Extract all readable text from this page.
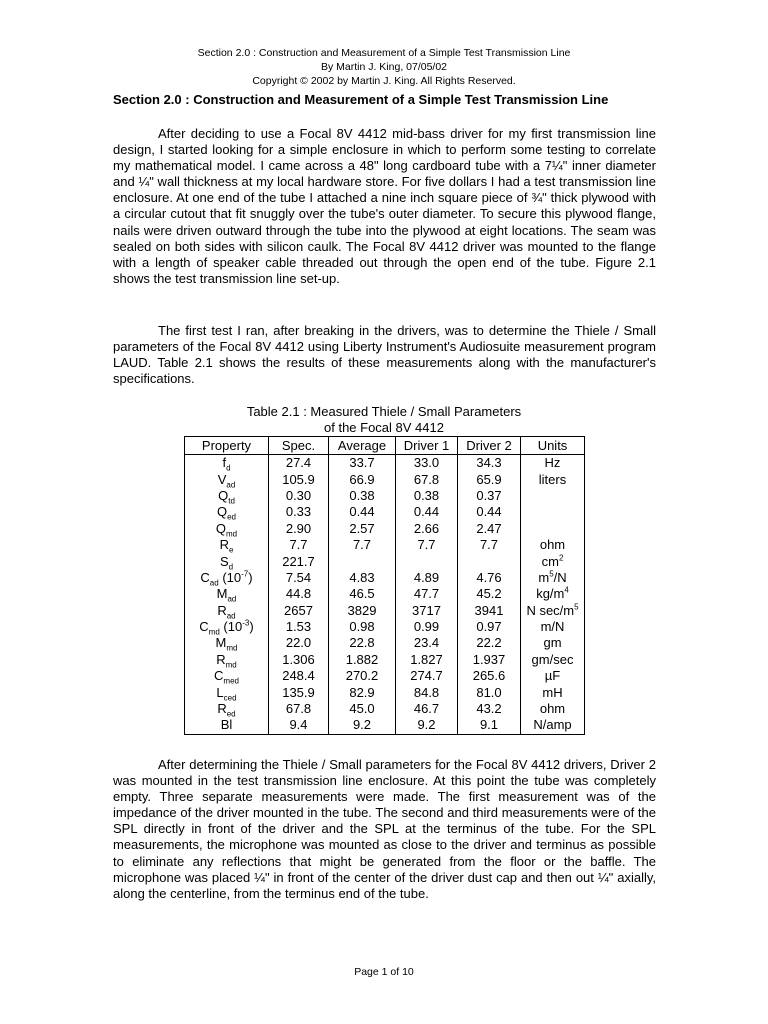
Section 2.0 : Construction and Measurement of a Simple Test Transmission Line
By Martin J. King, 07/05/02
Copyright © 2002 by Martin J. King. All Rights Reserved.
Section 2.0 : Construction and Measurement of a Simple Test Transmission Line

After deciding to use a Focal 8V 4412 mid-bass driver for my first transmission line design, I started looking for a simple enclosure in which to perform some testing to correlate my mathematical model. I came across a 48" long cardboard tube with a 7¼" inner diameter and ¼" wall thickness at my local hardware store. For five dollars I had a test transmission line enclosure. At one end of the tube I attached a nine inch square piece of ¾" thick plywood with a circular cutout that fit snuggly over the tube's outer diameter. To secure this plywood flange, nails were driven outward through the tube into the plywood at eight locations. The seam was sealed on both sides with silicon caulk. The Focal 8V 4412 driver was mounted to the flange with a length of speaker cable threaded out through the open end of the tube. Figure 2.1 shows the test transmission line set-up.

The first test I ran, after breaking in the drivers, was to determine the Thiele / Small parameters of the Focal 8V 4412 using Liberty Instrument's Audiosuite measurement program LAUD. Table 2.1 shows the results of these measurements along with the manufacturer's specifications.

Table 2.1 : Measured Thiele / Small Parameters
of the Focal 8V 4412
Property	Spec.	Average	Driver 1	Driver 2	Units
$f_d$	27.4	33.7	33.0	34.3	Hz
$V_{ad}$	105.9	66.9	67.8	65.9	liters
$Q_{td}$	0.30	0.38	0.38	0.37	
$Q_{ed}$	0.33	0.44	0.44	0.44	
$Q_{md}$	2.90	2.57	2.66	2.47	
$R_e$	7.7	7.7	7.7	7.7	ohm
$S_d$	221.7				$cm^2$
$C_{ad}$ $(10^{-7})$	7.54	4.83	4.89	4.76	$m^5/N$
$M_{ad}$	44.8	46.5	47.7	45.2	$kg/m^4$
$R_{ad}$	2657	3829	3717	3941	N $\sec/m^5$
$C_{md}$ $(10^{-3})$	1.53	0.98	0.99	0.97	m/N
$M_{md}$	22.0	22.8	23.4	22.2	gm
$R_{md}$	1.306	1.882	1.827	1.937	gm/sec
$C_{med}$	248.4	270.2	274.7	265.6	µF
$L_{ced}$	135.9	82.9	84.8	81.0	mH
$R_{ed}$	67.8	45.0	46.7	43.2	ohm
Bl	9.4	9.2	9.2	9.1	N/amp

After determining the Thiele / Small parameters for the Focal 8V 4412 drivers, Driver 2 was mounted in the test transmission line enclosure. At this point the tube was completely empty. Three separate measurements were made. The first measurement was of the impedance of the driver mounted in the tube. The second and third measurements were of the SPL directly in front of the driver and the SPL at the terminus of the tube. For the SPL measurements, the microphone was mounted as close to the driver and terminus as possible to eliminate any reflections that might be generated from the floor or the baffle. The microphone was placed ¼" in front of the center of the driver dust cap and then out ¼" axially, along the centerline, from the terminus end of the tube.

Page 1 of 10
